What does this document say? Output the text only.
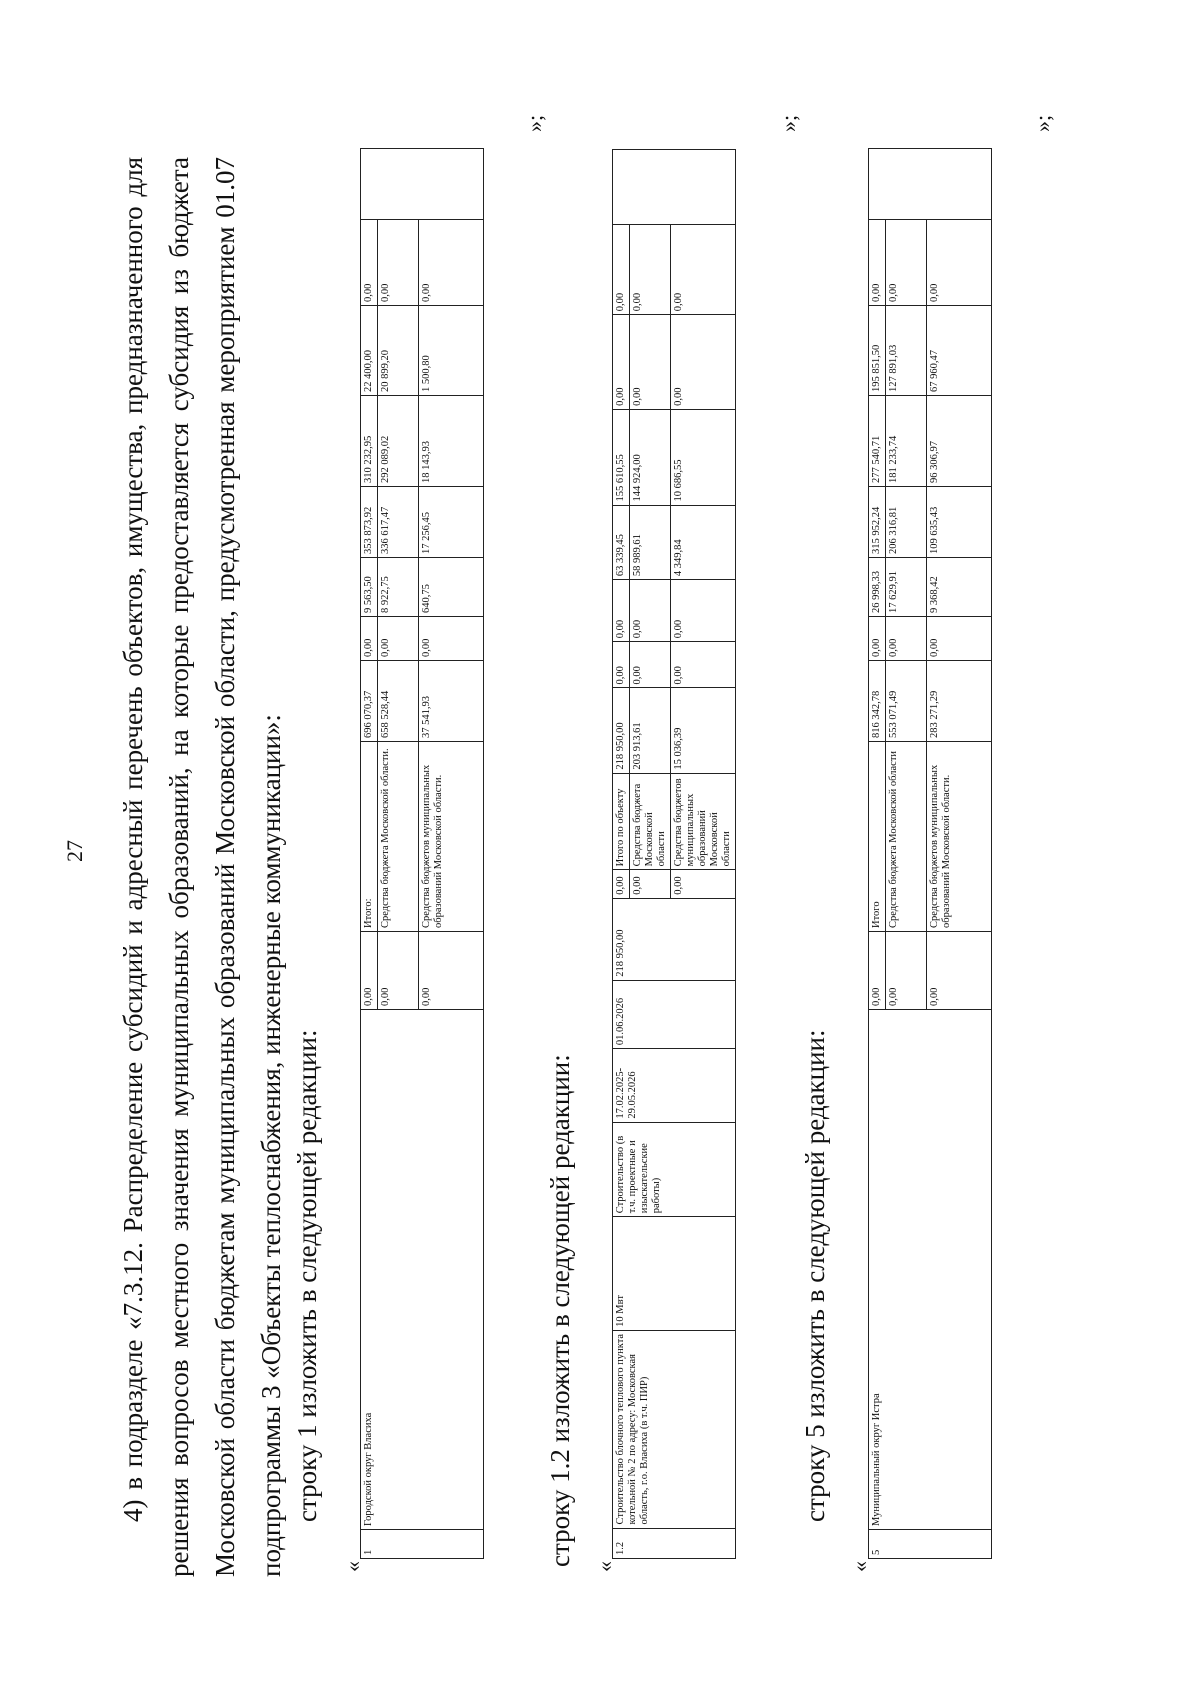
27 4) в подразделе «7.3.12. Распределение субсидий и адресный перечень объектов, имущества, предназначенного для решения вопросов местного значения муниципальных образований, на которые предоставляется субсидия из бюджета Московской области бюджетам муниципальных образований Московской области, предусмотренная мероприятием 01.07 подпрограммы 3 «Объекты теплоснабжения, инженерные коммуникации»: строку 1 изложить в следующей редакции:
«
1	Городской округ Власиха	0,00	Итого:	696 070,37	0,00	9 563,50	353 873,92	310 232,95	22 400,00	0,00	
		0,00	Средства бюджета Московской области.	658 528,44	0,00	8 922,75	336 617,47	292 089,02	20 899,20	0,00	
		0,00	Средства бюджетов муниципальных образований Московской области.	37 541,93	0,00	640,75	17 256,45	18 143,93	1 500,80	0,00	
»;
строку 1.2 изложить в следующей редакции: «
1.2	Строительство блочного теплового пункта котельной № 2 по адресу: Московская область, г.о. Власиха (в т.ч. ПИР)	10 Мвт	Строительство (в т.ч. проектные и изыскательские работы)	17.02.2025-29.05.2026	01.06.2026	218 950,00	0,00	Итого по объекту	218 950,00	0,00	0,00	63 339,45	155 610,55	0,00	0,00	
							0,00	Средства бюджета Московской области	203 913,61	0,00	0,00	58 989,61	144 924,00	0,00	0,00	
							0,00	Средства бюджетов муниципальных образований Московской области	15 036,39	0,00	0,00	4 349,84	10 686,55	0,00	0,00	
»;
строку 5 изложить в следующей редакции:
«
5	Муниципальный округ Истра	0,00	Итого	816 342,78	0,00	26 998,33	315 952,24	277 540,71	195 851,50	0,00	
		0,00	Средства бюджета Московской области	553 071,49	0,00	17 629,91	206 316,81	181 233,74	127 891,03	0,00	
		0,00	Средства бюджетов муниципальных образований Московской области.	283 271,29	0,00	9 368,42	109 635,43	96 306,97	67 960,47	0,00	
»;
